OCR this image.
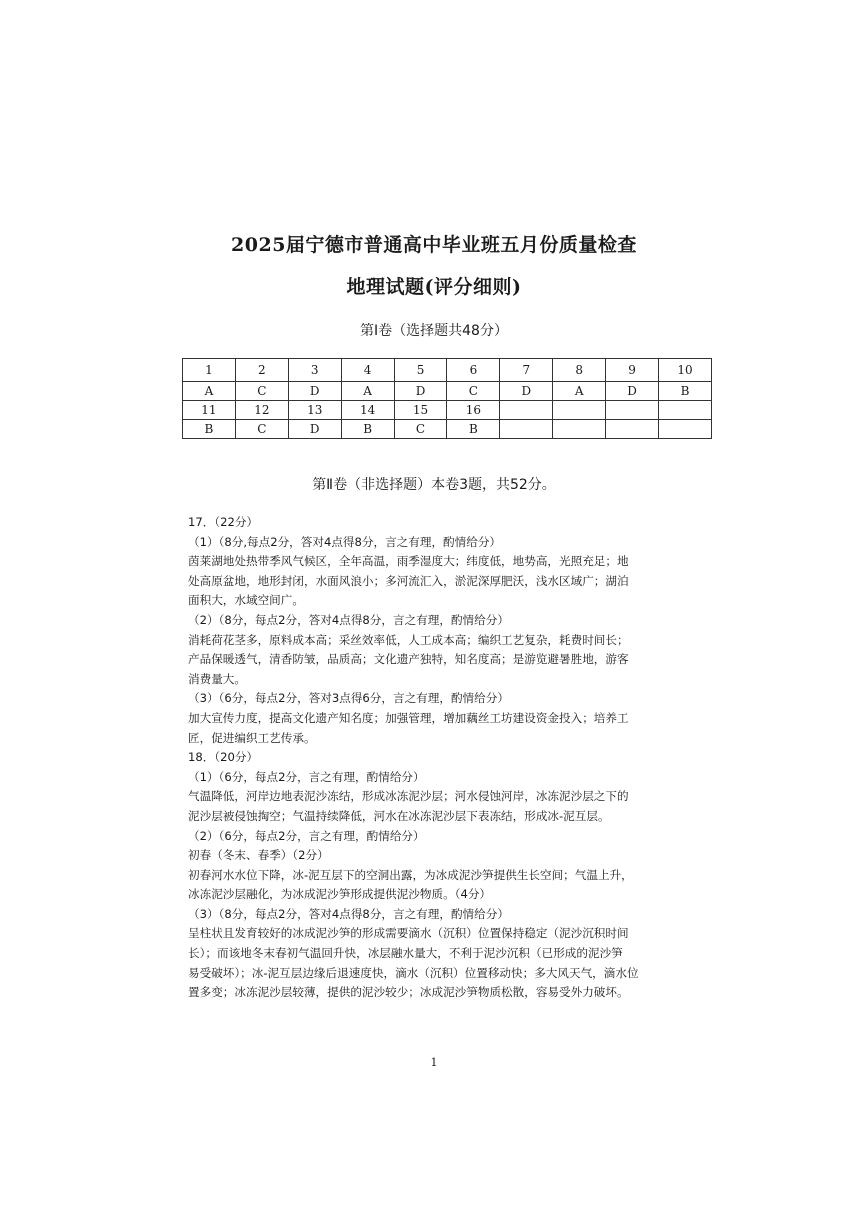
2025届宁德市普通高中毕业班五月份质量检查
地理试题(评分细则)
第Ⅰ卷（选择题共48分）
1	2	3	4	5	6	7	8	9	10
A	C	D	A	D	C	D	A	D	B
11	12	13	14	15	16				
B	C	D	B	C	B				
第Ⅱ卷（非选择题）本卷3题，共52分。

17．（22分）

（1）（8分,每点2分，答对4点得8分，言之有理，酌情给分）

茵莱湖地处热带季风气候区，全年高温，雨季湿度大；纬度低，地势高，光照充足；地

处高原盆地，地形封闭，水面风浪小；多河流汇入，淤泥深厚肥沃，浅水区域广；湖泊

面积大，水域空间广。

（2）（8分，每点2分，答对4点得8分，言之有理，酌情给分）

消耗荷花茎多，原料成本高；采丝效率低，人工成本高；编织工艺复杂，耗费时间长；

产品保暖透气，清香防皱，品质高；文化遗产独特，知名度高；是游览避暑胜地，游客

消费量大。

（3）（6分，每点2分，答对3点得6分，言之有理，酌情给分）

加大宣传力度，提高文化遗产知名度；加强管理，增加藕丝工坊建设资金投入；培养工

匠，促进编织工艺传承。

18．（20分）

（1）（6分，每点2分，言之有理，酌情给分）

气温降低，河岸边地表泥沙冻结，形成冰冻泥沙层；河水侵蚀河岸，冰冻泥沙层之下的

泥沙层被侵蚀掏空；气温持续降低，河水在冰冻泥沙层下表冻结，形成冰-泥互层。

（2）（6分，每点2分，言之有理，酌情给分）

初春（冬末、春季）（2分）

初春河水水位下降，冰-泥互层下的空洞出露，为冰成泥沙笋提供生长空间；气温上升，

冰冻泥沙层融化，为冰成泥沙笋形成提供泥沙物质。（4分）

（3）（8分，每点2分，答对4点得8分，言之有理，酌情给分）

呈柱状且发育较好的冰成泥沙笋的形成需要滴水（沉积）位置保持稳定（泥沙沉积时间

长）；而该地冬末春初气温回升快，冰层融水量大，不利于泥沙沉积（已形成的泥沙笋

易受破坏）；冰-泥互层边缘后退速度快，滴水（沉积）位置移动快；多大风天气，滴水位

置多变；冰冻泥沙层较薄，提供的泥沙较少；冰成泥沙笋物质松散，容易受外力破坏。

1
